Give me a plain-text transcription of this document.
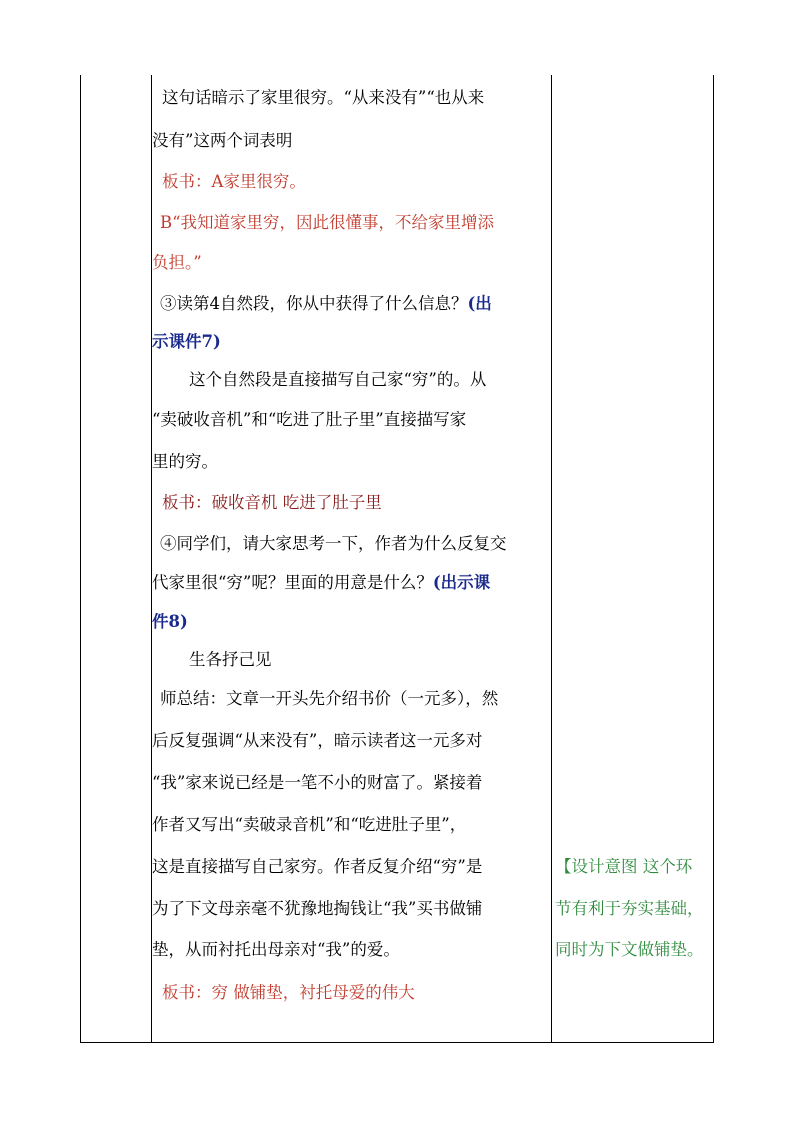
这句话暗示了家里很穷。“从来没有”“也从来
没有”这两个词表明
板书：A家里很穷。
B“我知道家里穷，因此很懂事，不给家里增添
负担。”
③读第4自然段，你从中获得了什么信息？(出
示课件7)
这个自然段是直接描写自己家“穷”的。从
“卖破收音机”和“吃进了肚子里”直接描写家
里的穷。
板书：破收音机 吃进了肚子里
④同学们，请大家思考一下，作者为什么反复交
代家里很“穷”呢？里面的用意是什么？(出示课
件8)
生各抒己见
师总结：文章一开头先介绍书价（一元多），然
后反复强调“从来没有”，暗示读者这一元多对
“我”家来说已经是一笔不小的财富了。紧接着
作者又写出“卖破录音机”和“吃进肚子里”，
这是直接描写自己家穷。作者反复介绍“穷”是
为了下文母亲毫不犹豫地掏钱让“我”买书做铺
垫，从而衬托出母亲对“我”的爱。
板书：穷 做铺垫，衬托母爱的伟大
【设计意图 这个环
节有利于夯实基础，
同时为下文做铺垫。
